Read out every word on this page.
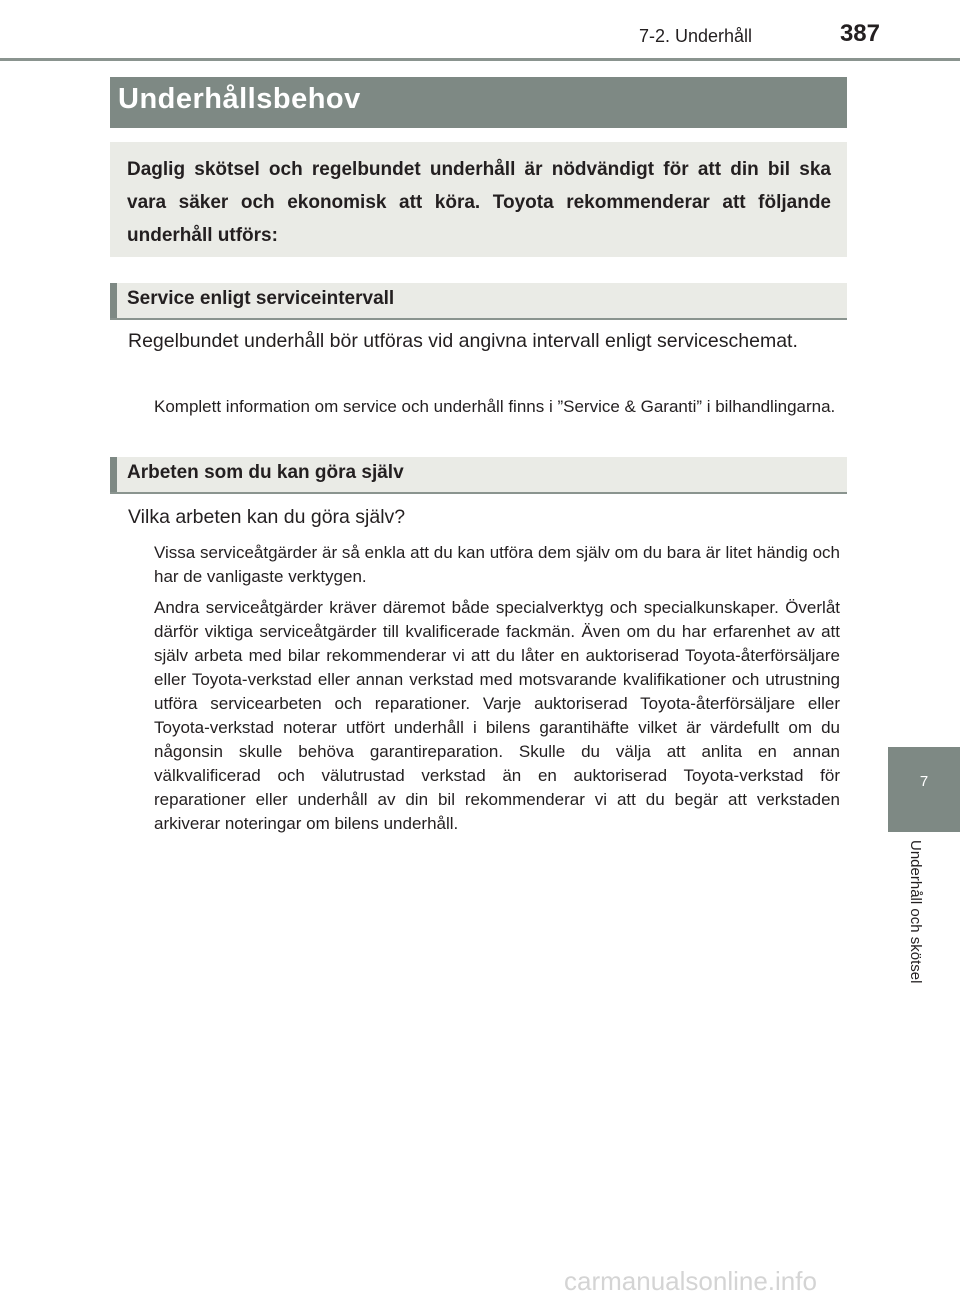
7-2. Underhåll	387
Underhållsbehov

Daglig skötsel och regelbundet underhåll är nödvändigt för att din bil ska vara säker och ekonomisk att köra. Toyota rekommenderar att följande underhåll utförs:

Service enligt serviceintervall

Regelbundet underhåll bör utföras vid angivna intervall enligt serviceschemat.

Komplett information om service och underhåll finns i ”Service & Garanti” i bilhandlingarna.

Arbeten som du kan göra själv

Vilka arbeten kan du göra själv?

Vissa serviceåtgärder är så enkla att du kan utföra dem själv om du bara är litet händig och har de vanligaste verktygen.

Andra serviceåtgärder kräver däremot både specialverktyg och specialkunskaper. Överlåt därför viktiga serviceåtgärder till kvalificerade fackmän. Även om du har erfarenhet av att själv arbeta med bilar rekommenderar vi att du låter en auktoriserad Toyota-återförsäljare eller Toyota-verkstad eller annan verkstad med motsvarande kvalifikationer och utrustning utföra servicearbeten och reparationer. Varje auktoriserad Toyota-återförsäljare eller Toyota-verkstad noterar utfört underhåll i bilens garantihäfte vilket är värdefullt om du någonsin skulle behöva garantireparation. Skulle du välja att anlita en annan välkvalificerad och välutrustad verkstad än en auktoriserad Toyota-verkstad för reparationer eller underhåll av din bil rekommenderar vi att du begär att verkstaden arkiverar noteringar om bilens underhåll.

7
Underhåll och skötsel
carmanualsonline.info
